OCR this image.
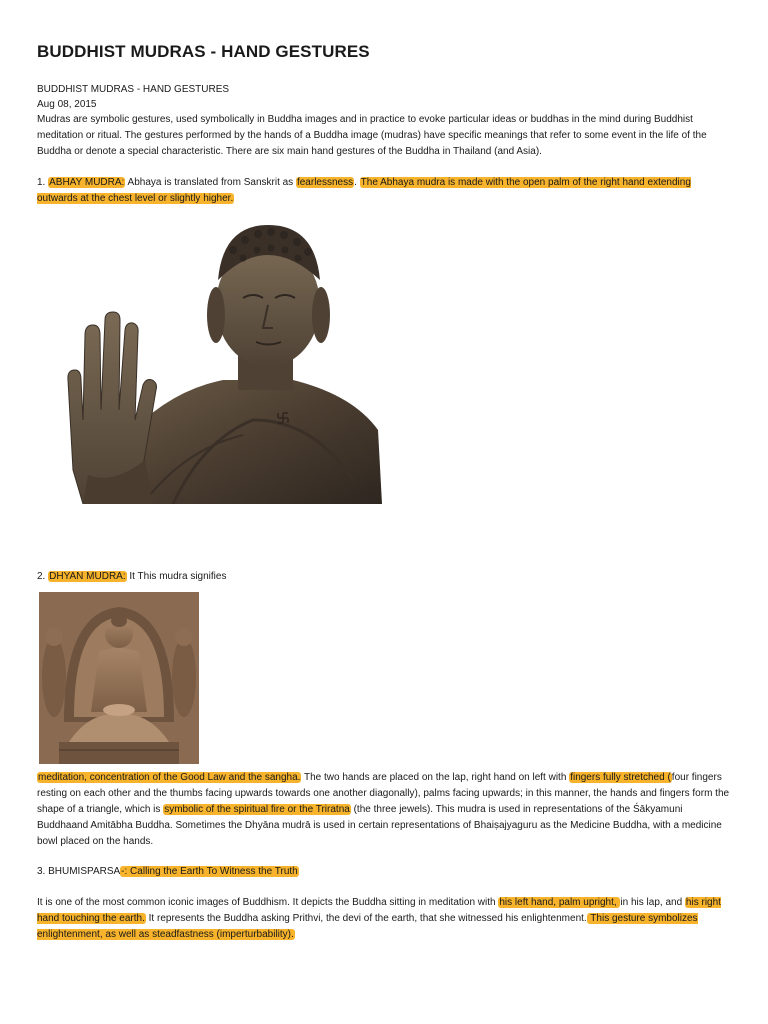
BUDDHIST MUDRAS - HAND GESTURES

BUDDHIST MUDRAS - HAND GESTURES

Aug 08, 2015

Mudras are symbolic gestures, used symbolically in Buddha images and in practice to evoke particular ideas or buddhas in the mind during Buddhist meditation or ritual. The gestures performed by the hands of a Buddha image (mudras) have specific meanings that refer to some event in the life of the Buddha or denote a special characteristic. There are six main hand gestures of the Buddha in Thailand (and Asia).

1. ABHAY MUDRA: Abhaya is translated from Sanskrit as fearlessness. The Abhaya mudra is made with the open palm of the right hand extending outwards at the chest level or slightly higher.

2. DHYAN MUDRA: It This mudra signifies

meditation, concentration of the Good Law and the sangha. The two hands are placed on the lap, right hand on left with fingers fully stretched (four fingers resting on each other and the thumbs facing upwards towards one another diagonally), palms facing upwards; in this manner, the hands and fingers form the shape of a triangle, which is symbolic of the spiritual fire or the Triratna (the three jewels). This mudra is used in representations of the Śākyamuni Buddhaand Amitābha Buddha. Sometimes the Dhyāna mudrā is used in certain representations of Bhaiṣajyaguru as the Medicine Buddha, with a medicine bowl placed on the hands.

3. BHUMISPARSA-: Calling the Earth To Witness the Truth

It is one of the most common iconic images of Buddhism. It depicts the Buddha sitting in meditation with his left hand, palm upright, in his lap, and his right hand touching the earth. It represents the Buddha asking Prithvi, the devi of the earth, that she witnessed his enlightenment. This gesture symbolizes enlightenment, as well as steadfastness (imperturbability).
